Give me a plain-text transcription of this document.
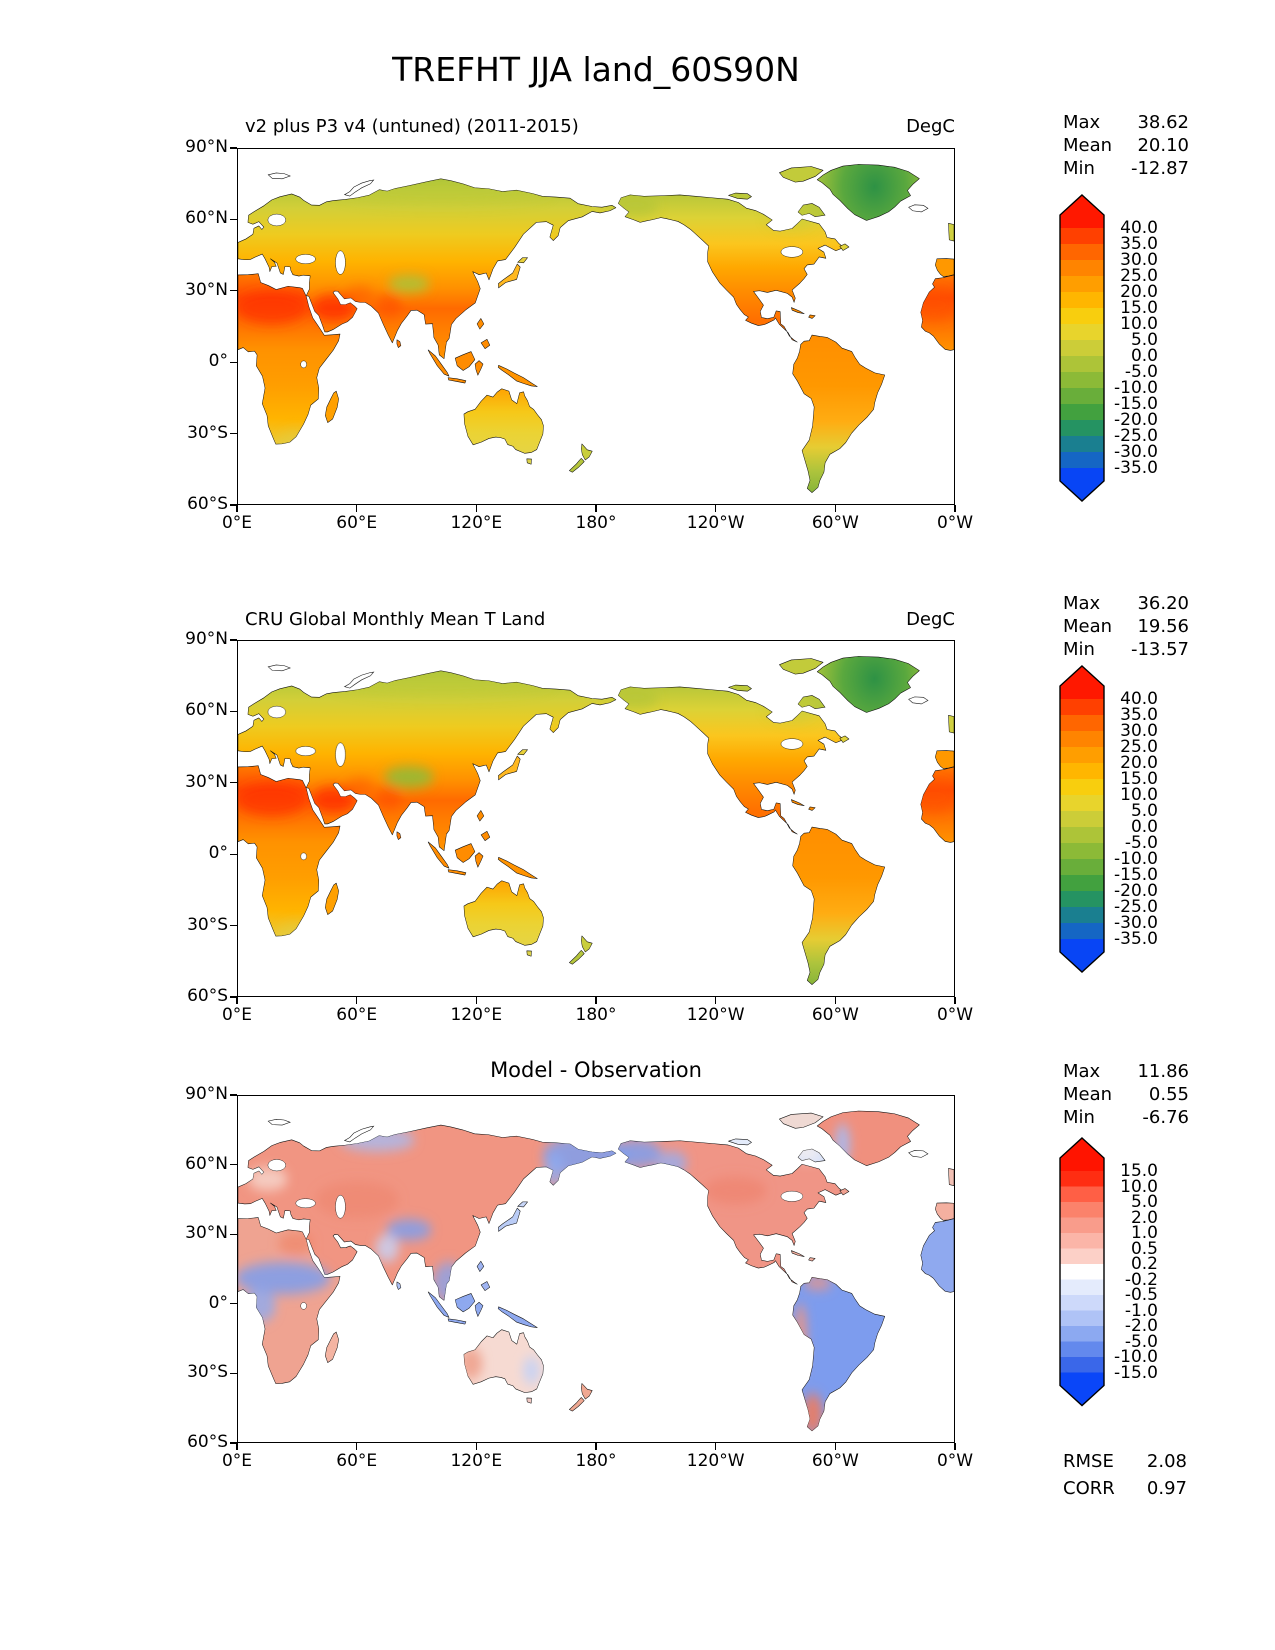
TREFHT JJA land_60S90N
v2 plus P3 v4 (untuned) (2011-2015)	DegC	Max 38.62
Mean 20.10
Min -12.87
CRU Global Monthly Mean T Land	DegC
Max 36.20
Mean 19.56
Min -13.57
Model - Observation	Max 11.86
Mean 0.55
Min	-6.76
RMSE 2.08
CORR 0.97
0°E	60°E	120°E	180°	120°W	60°W	0°W
90°N
60°N
30°N
0°
30°S
60°S
0°E	60°E	120°E	180°	120°W	60°W	0°W
90°N
60°N
30°N
0°
30°S
60°S
0°E	60°E	120°E	180°	120°W	60°W	0°W
90°N
60°N
30°N
0°
30°S
60°S
40.0
35.0
30.0
25.0
20.0
15.0
10.0
5.0
0.0
-5.0
-10.0
-15.0
-20.0
-25.0
-30.0
-35.0
40.0
35.0
30.0
25.0
20.0
15.0
10.0
5.0
0.0
-5.0
-10.0
-15.0
-20.0
-25.0
-30.0
-35.0
15.0
10.0
5.0
2.0
1.0
0.5
0.2
-0.2
-0.5
-1.0
-2.0
-5.0
-10.0
-15.0
